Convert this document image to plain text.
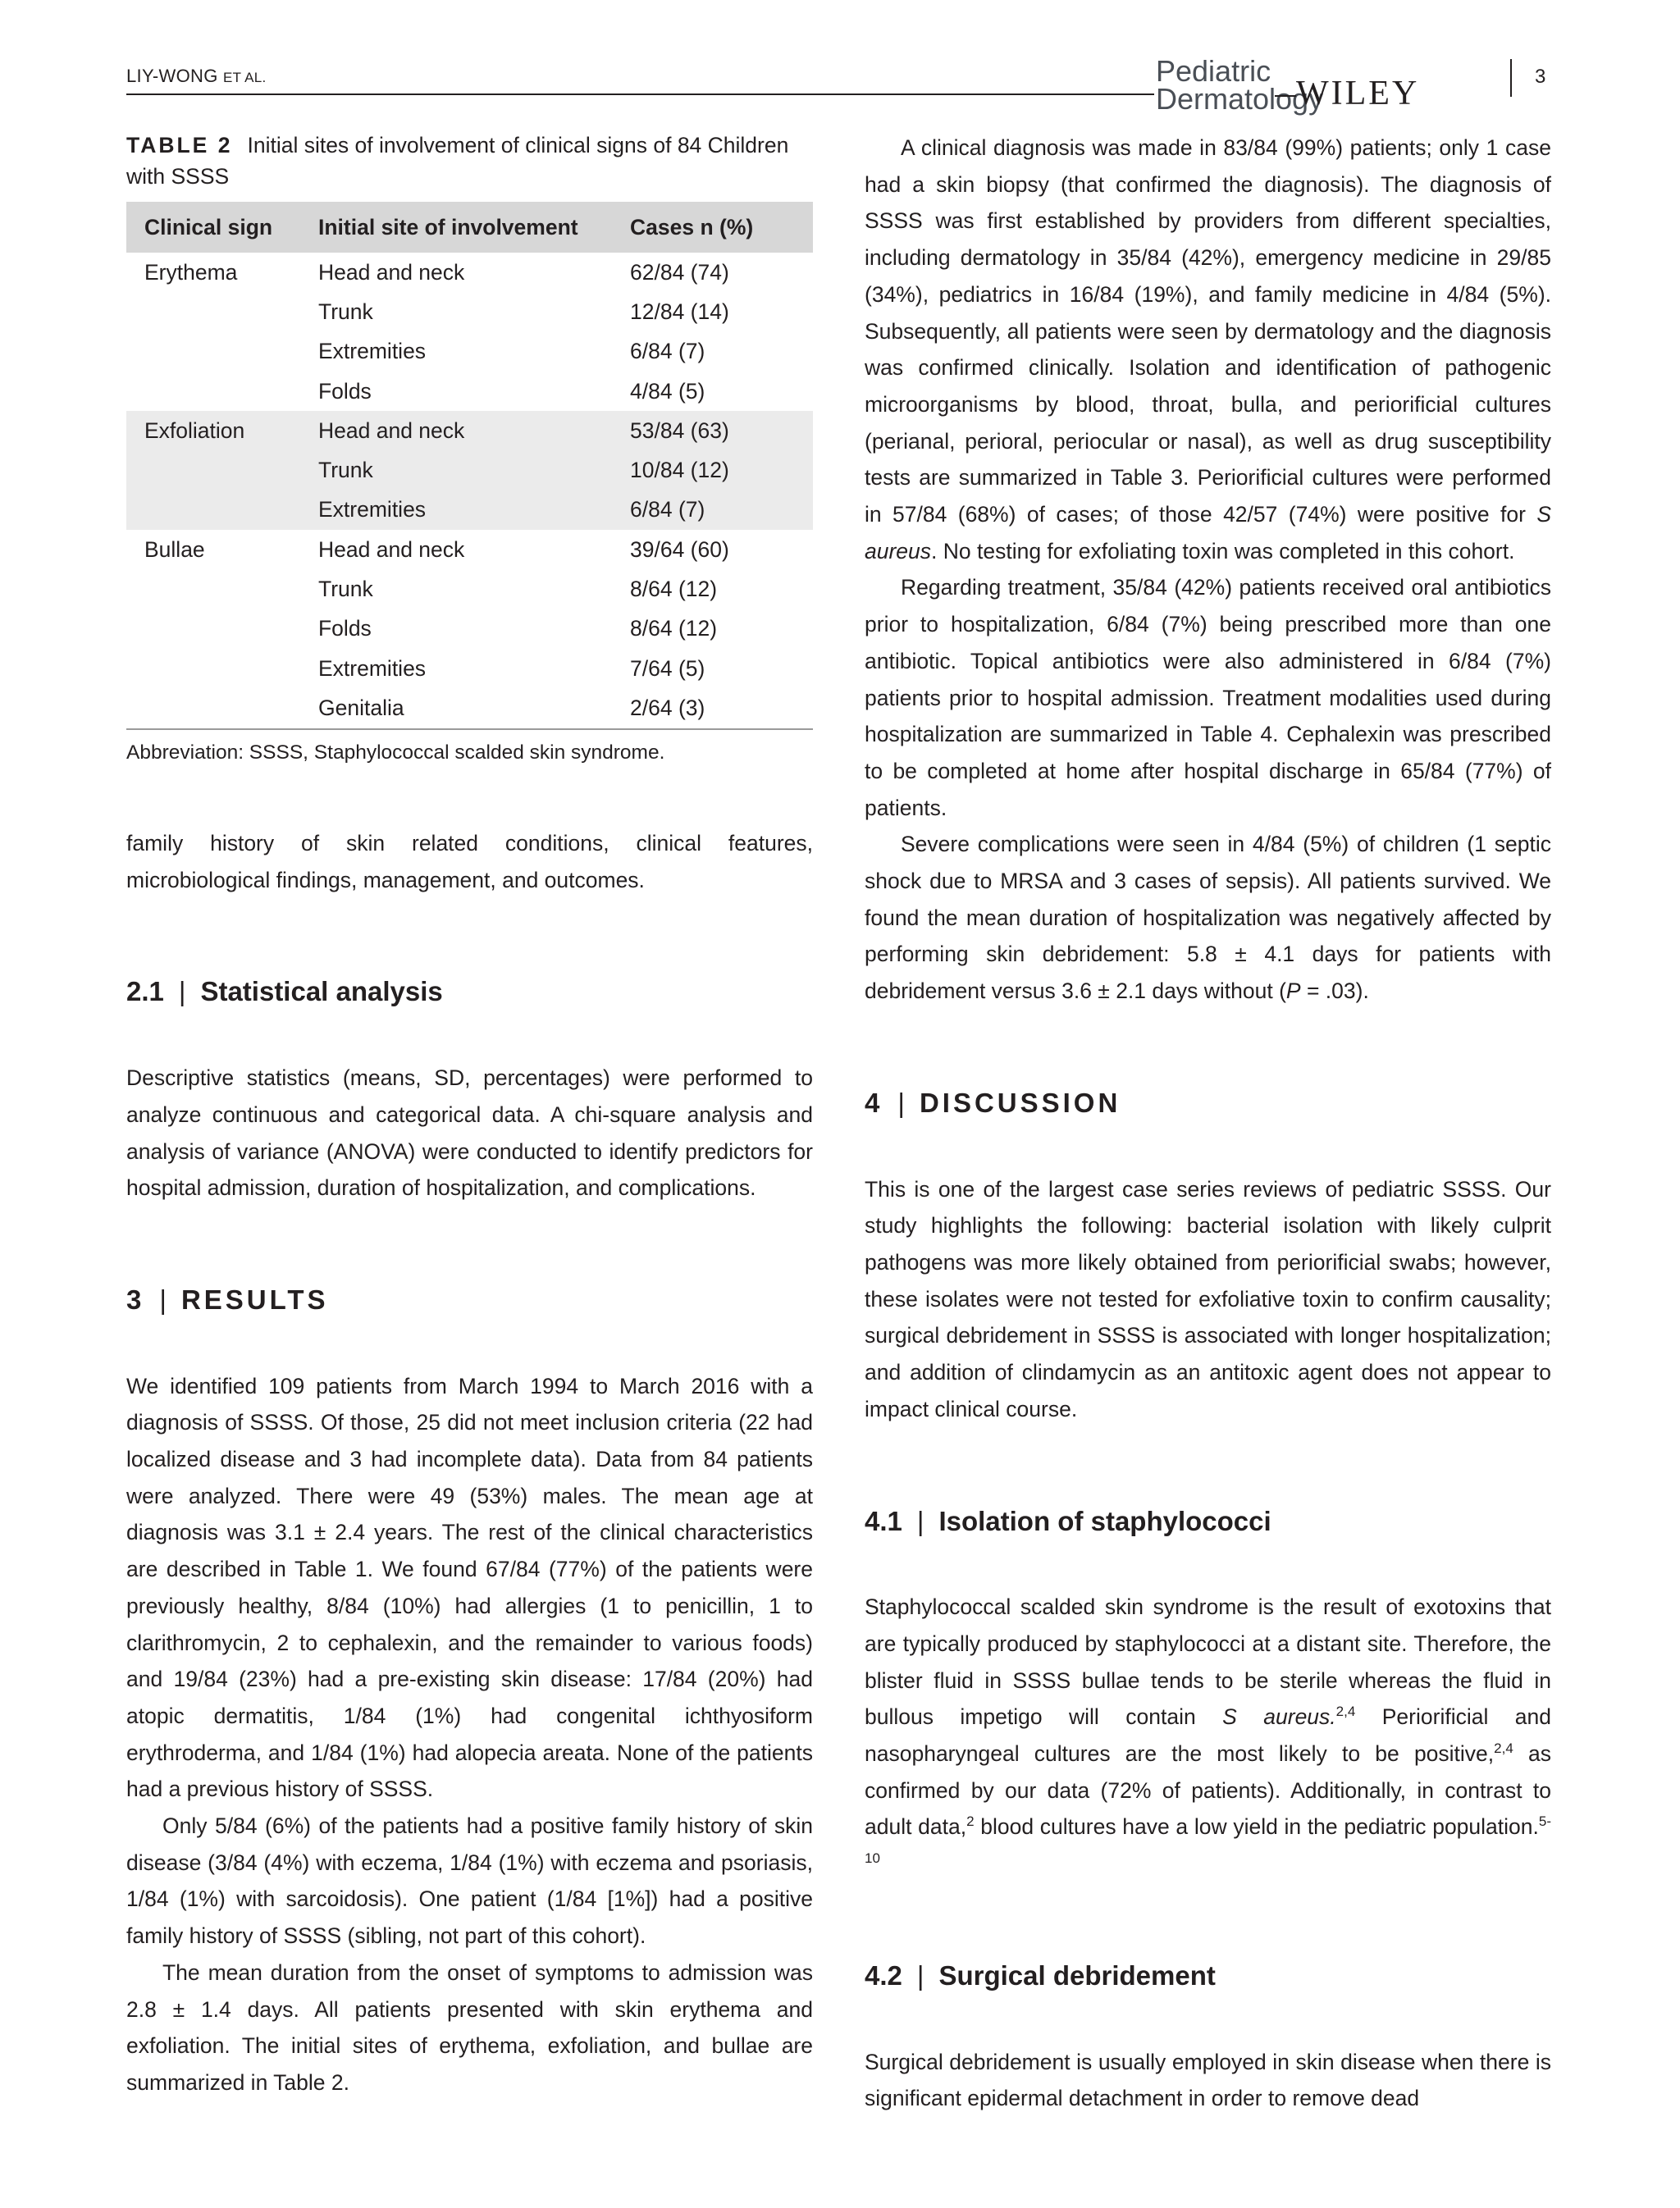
LIY-WONG ET AL.	Pediatric
Dermatology
WILEY	3
TABLE 2 Initial sites of involvement of clinical signs of 84 Children with SSSS
Clinical sign	Initial site of involvement	Cases n (%)
Erythema	Head and neck	62/84 (74)
	Trunk	12/84 (14)
	Extremities	6/84 (7)
	Folds	4/84 (5)
Exfoliation	Head and neck	53/84 (63)
	Trunk	10/84 (12)
	Extremities	6/84 (7)
Bullae	Head and neck	39/64 (60)
	Trunk	8/64 (12)
	Folds	8/64 (12)
	Extremities	7/64 (5)
	Genitalia	2/64 (3)
Abbreviation: SSSS, Staphylococcal scalded skin syndrome.

family history of skin related conditions, clinical features, microbiological findings, management, and outcomes.

2.1 | Statistical analysis

Descriptive statistics (means, SD, percentages) were performed to analyze continuous and categorical data. A chi-square analysis and analysis of variance (ANOVA) were conducted to identify predictors for hospital admission, duration of hospitalization, and complications.

3 | RESULTS

We identified 109 patients from March 1994 to March 2016 with a diagnosis of SSSS. Of those, 25 did not meet inclusion criteria (22 had localized disease and 3 had incomplete data). Data from 84 patients were analyzed. There were 49 (53%) males. The mean age at diagnosis was 3.1 ± 2.4 years. The rest of the clinical characteristics are described in Table 1. We found 67/84 (77%) of the patients were previously healthy, 8/84 (10%) had allergies (1 to penicillin, 1 to clarithromycin, 2 to cephalexin, and the remainder to various foods) and 19/84 (23%) had a pre-existing skin disease: 17/84 (20%) had atopic dermatitis, 1/84 (1%) had congenital ichthyosiform erythroderma, and 1/84 (1%) had alopecia areata. None of the patients had a previous history of SSSS.

Only 5/84 (6%) of the patients had a positive family history of skin disease (3/84 (4%) with eczema, 1/84 (1%) with eczema and psoriasis, 1/84 (1%) with sarcoidosis). One patient (1/84 [1%]) had a positive family history of SSSS (sibling, not part of this cohort).

The mean duration from the onset of symptoms to admission was 2.8 ± 1.4 days. All patients presented with skin erythema and exfoliation. The initial sites of erythema, exfoliation, and bullae are summarized in Table 2.

A clinical diagnosis was made in 83/84 (99%) patients; only 1 case had a skin biopsy (that confirmed the diagnosis). The diagnosis of SSSS was first established by providers from different specialties, including dermatology in 35/84 (42%), emergency medicine in 29/85 (34%), pediatrics in 16/84 (19%), and family medicine in 4/84 (5%). Subsequently, all patients were seen by dermatology and the diagnosis was confirmed clinically. Isolation and identification of pathogenic microorganisms by blood, throat, bulla, and periorificial cultures (perianal, perioral, periocular or nasal), as well as drug susceptibility tests are summarized in Table 3. Periorificial cultures were performed in 57/84 (68%) of cases; of those 42/57 (74%) were positive for S aureus. No testing for exfoliating toxin was completed in this cohort.

Regarding treatment, 35/84 (42%) patients received oral antibiotics prior to hospitalization, 6/84 (7%) being prescribed more than one antibiotic. Topical antibiotics were also administered in 6/84 (7%) patients prior to hospital admission. Treatment modalities used during hospitalization are summarized in Table 4. Cephalexin was prescribed to be completed at home after hospital discharge in 65/84 (77%) of patients.

Severe complications were seen in 4/84 (5%) of children (1 septic shock due to MRSA and 3 cases of sepsis). All patients survived. We found the mean duration of hospitalization was negatively affected by performing skin debridement: 5.8 ± 4.1 days for patients with debridement versus 3.6 ± 2.1 days without (P = .03).

4 | DISCUSSION

This is one of the largest case series reviews of pediatric SSSS. Our study highlights the following: bacterial isolation with likely culprit pathogens was more likely obtained from periorificial swabs; however, these isolates were not tested for exfoliative toxin to confirm causality; surgical debridement in SSSS is associated with longer hospitalization; and addition of clindamycin as an antitoxic agent does not appear to impact clinical course.

4.1 | Isolation of staphylococci

Staphylococcal scalded skin syndrome is the result of exotoxins that are typically produced by staphylococci at a distant site. Therefore, the blister fluid in SSSS bullae tends to be sterile whereas the fluid in bullous impetigo will contain S aureus.$^{2,4}$ Periorificial and nasopharyngeal cultures are the most likely to be positive,$^{2,4}$ as confirmed by our data (72% of patients). Additionally, in contrast to adult data,$^2$ blood cultures have a low yield in the pediatric population.$^{5-10}$

4.2 | Surgical debridement

Surgical debridement is usually employed in skin disease when there is significant epidermal detachment in order to remove dead
